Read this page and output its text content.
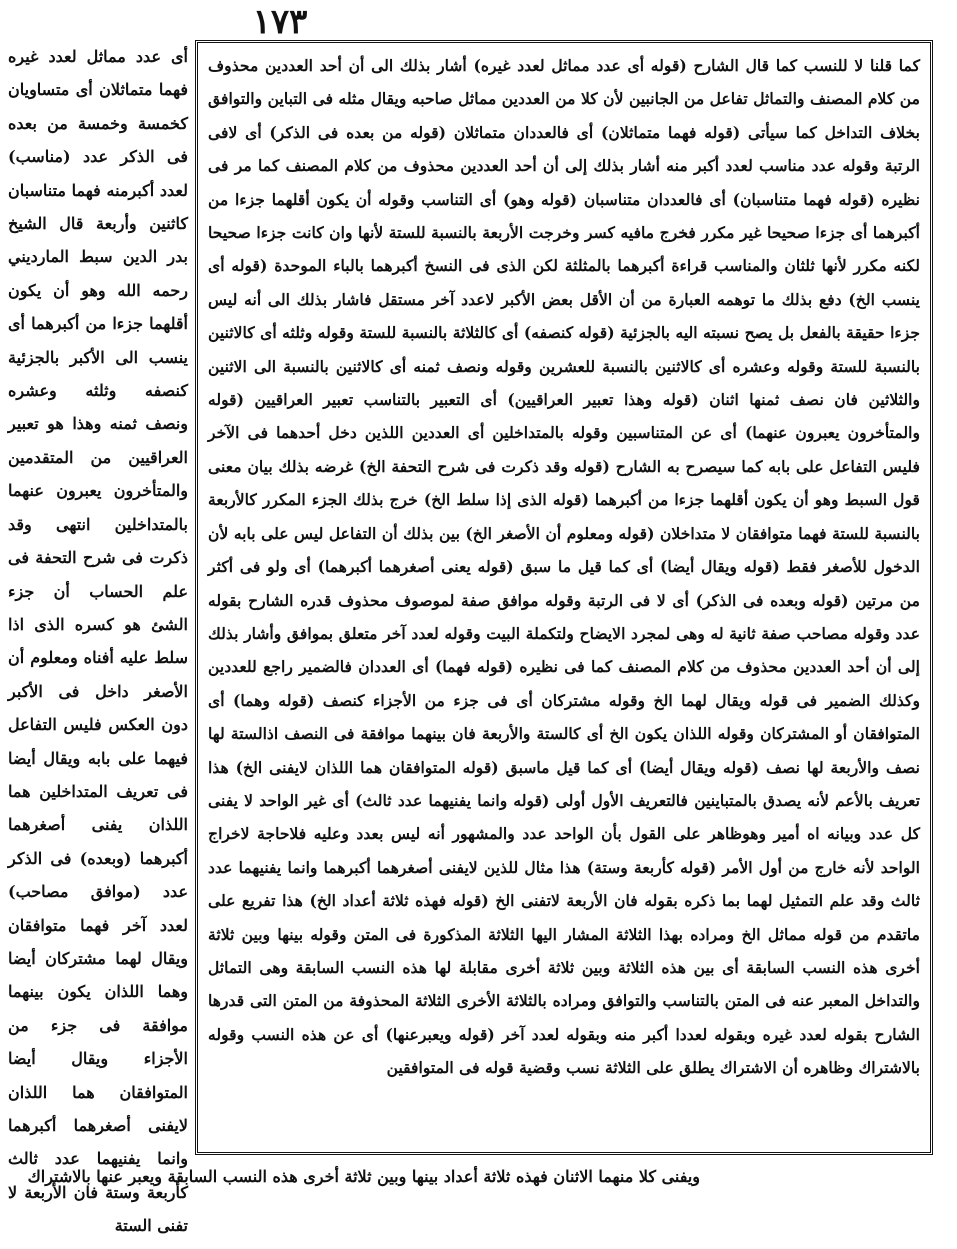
١٧٣

كما قلنا لا للنسب كما قال الشارح (قوله أى عدد مماثل لعدد غيره) أشار بذلك الى أن أحد العددين محذوف من كلام المصنف والتماثل تفاعل من الجانبين لأن كلا من العددين مماثل صاحبه ويقال مثله فى التباين والتوافق بخلاف التداخل كما سيأتى (قوله فهما متماثلان) أى فالعددان متماثلان (قوله من بعده فى الذكر) أى لافى الرتبة وقوله عدد مناسب لعدد أكبر منه أشار بذلك إلى أن أحد العددين محذوف من كلام المصنف كما مر فى نظيره (قوله فهما متناسبان) أى فالعددان متناسبان (قوله وهو) أى التناسب وقوله أن يكون أقلهما جزءا من أكبرهما أى جزءا صحيحا غير مكرر فخرج مافيه كسر وخرجت الأربعة بالنسبة للستة لأنها وان كانت جزءا صحيحا لكنه مكرر لأنها ثلثان والمناسب قراءة أكبرهما بالمثلثة لكن الذى فى النسخ أكبرهما بالباء الموحدة (قوله أى ينسب الخ) دفع بذلك ما توهمه العبارة من أن الأقل بعض الأكبر لاعدد آخر مستقل فاشار بذلك الى أنه ليس جزءا حقيقة بالفعل بل يصح نسبته اليه بالجزئية (قوله كنصفه) أى كالثلاثة بالنسبة للستة وقوله وثلثه أى كالاثنين بالنسبة للستة وقوله وعشره أى كالاثنين بالنسبة للعشرين وقوله ونصف ثمنه أى كالاثنين بالنسبة الى الاثنين والثلاثين فان نصف ثمنها اثنان (قوله وهذا تعبير العراقيين) أى التعبير بالتناسب تعبير العراقيين (قوله والمتأخرون يعبرون عنهما) أى عن المتناسبين وقوله بالمتداخلين أى العددين اللذين دخل أحدهما فى الآخر فليس التفاعل على بابه كما سيصرح به الشارح (قوله وقد ذكرت فى شرح التحفة الخ) غرضه بذلك بيان معنى قول السبط وهو أن يكون أقلهما جزءا من أكبرهما (قوله الذى إذا سلط الخ) خرج بذلك الجزء المكرر كالأربعة بالنسبة للستة فهما متوافقان لا متداخلان (قوله ومعلوم أن الأصغر الخ) بين بذلك أن التفاعل ليس على بابه لأن الدخول للأصغر فقط (قوله ويقال أيضا) أى كما قيل ما سبق (قوله يعنى أصغرهما أكبرهما) أى ولو فى أكثر من مرتين (قوله وبعده فى الذكر) أى لا فى الرتبة وقوله موافق صفة لموصوف محذوف قدره الشارح بقوله عدد وقوله مصاحب صفة ثانية له وهى لمجرد الايضاح ولتكملة البيت وقوله لعدد آخر متعلق بموافق وأشار بذلك إلى أن أحد العددين محذوف من كلام المصنف كما فى نظيره (قوله فهما) أى العددان فالضمير راجع للعددين وكذلك الضمير فى قوله ويقال لهما الخ وقوله مشتركان أى فى جزء من الأجزاء كنصف (قوله وهما) أى المتوافقان أو المشتركان وقوله اللذان يكون الخ أى كالستة والأربعة فان بينهما موافقة فى النصف اذالستة لها نصف والأربعة لها نصف (قوله ويقال أيضا) أى كما قيل ماسبق (قوله المتوافقان هما اللذان لايفنى الخ) هذا تعريف بالأعم لأنه يصدق بالمتباينين فالتعريف الأول أولى (قوله وانما يفنيهما عدد ثالث) أى غير الواحد لا يفنى كل عدد وبيانه اه أمير وهوظاهر على القول بأن الواحد عدد والمشهور أنه ليس بعدد وعليه فلاحاجة لاخراج الواحد لأنه خارج من أول الأمر (قوله كأربعة وستة) هذا مثال للذين لايفنى أصغرهما أكبرهما وانما يفنيهما عدد ثالث وقد علم التمثيل لهما بما ذكره بقوله فان الأربعة لاتفنى الخ (قوله فهذه ثلاثة أعداد الخ) هذا تفريع على ماتقدم من قوله مماثل الخ ومراده بهذا الثلاثة المشار اليها الثلاثة المذكورة فى المتن وقوله بينها وبين ثلاثة أخرى هذه النسب السابقة أى بين هذه الثلاثة وبين ثلاثة أخرى مقابلة لها هذه النسب السابقة وهى التماثل والتداخل المعبر عنه فى المتن بالتناسب والتوافق ومراده بالثلاثة الأخرى الثلاثة المحذوفة من المتن التى قدرها الشارح بقوله لعدد غيره وبقوله لعددا أكبر منه وبقوله لعدد آخر (قوله ويعبرعنها) أى عن هذه النسب وقوله بالاشتراك وظاهره أن الاشتراك يطلق على الثلاثة نسب وقضية قوله فى المتوافقين

أى عدد مماثل لعدد غيره فهما متماثلان أى متساويان كخمسة وخمسة من بعده فى الذكر عدد (مناسب) لعدد أكبرمنه فهما متناسبان كاثنين وأربعة قال الشيخ بدر الدين سبط المارديني رحمه الله وهو أن يكون أقلهما جزءا من أكبرهما أى ينسب الى الأكبر بالجزئية كنصفه وثلثه وعشره ونصف ثمنه وهذا هو تعبير العراقيين من المتقدمين والمتأخرون يعبرون عنهما بالمتداخلين انتهى وقد ذكرت فى شرح التحفة فى علم الحساب أن جزء الشئ هو كسره الذى اذا سلط عليه أفناه ومعلوم أن الأصغر داخل فى الأكبر دون العكس فليس التفاعل فيهما على بابه ويقال أيضا فى تعريف المتداخلين هما اللذان يفنى أصغرهما أكبرهما (وبعده) فى الذكر عدد (موافق مصاحب) لعدد آخر فهما متوافقان ويقال لهما مشتركان أيضا وهما اللذان يكون بينهما موافقة فى جزء من الأجزاء ويقال أيضا المتوافقان هما اللذان لايفنى أصغرهما أكبرهما وانما يفنيهما عدد ثالث كأربعة وستة فان الأربعة لا تفنى الستة

ويفنى كلا منهما الاثنان فهذه ثلاثة أعداد بينها وبين ثلاثة أخرى هذه النسب السابقة ويعبر عنها بالاشتراك
